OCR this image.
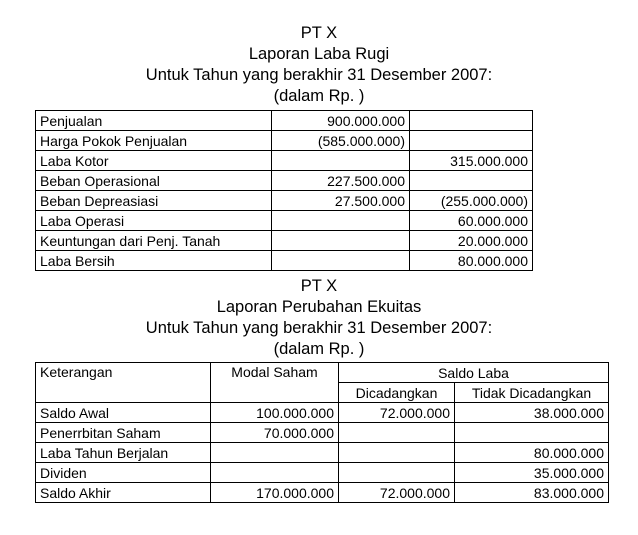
PT X
Laporan Laba Rugi
Untuk Tahun yang berakhir 31 Desember 2007:
(dalam Rp. )
Penjualan	900.000.000	
Harga Pokok Penjualan	(585.000.000)	
Laba Kotor		315.000.000
Beban Operasional	227.500.000	
Beban Depreasiasi	27.500.000	(255.000.000)
Laba Operasi		60.000.000
Keuntungan dari Penj. Tanah		20.000.000
Laba Bersih		80.000.000
PT X
Laporan Perubahan Ekuitas
Untuk Tahun yang berakhir 31 Desember 2007:
(dalam Rp. )
Keterangan	Modal Saham	Saldo Laba	
		Dicadangkan	Tidak Dicadangkan
Saldo Awal	100.000.000	72.000.000	38.000.000
Penerrbitan Saham	70.000.000		
Laba Tahun Berjalan			80.000.000
Dividen			35.000.000
Saldo Akhir	170.000.000	72.000.000	83.000.000
